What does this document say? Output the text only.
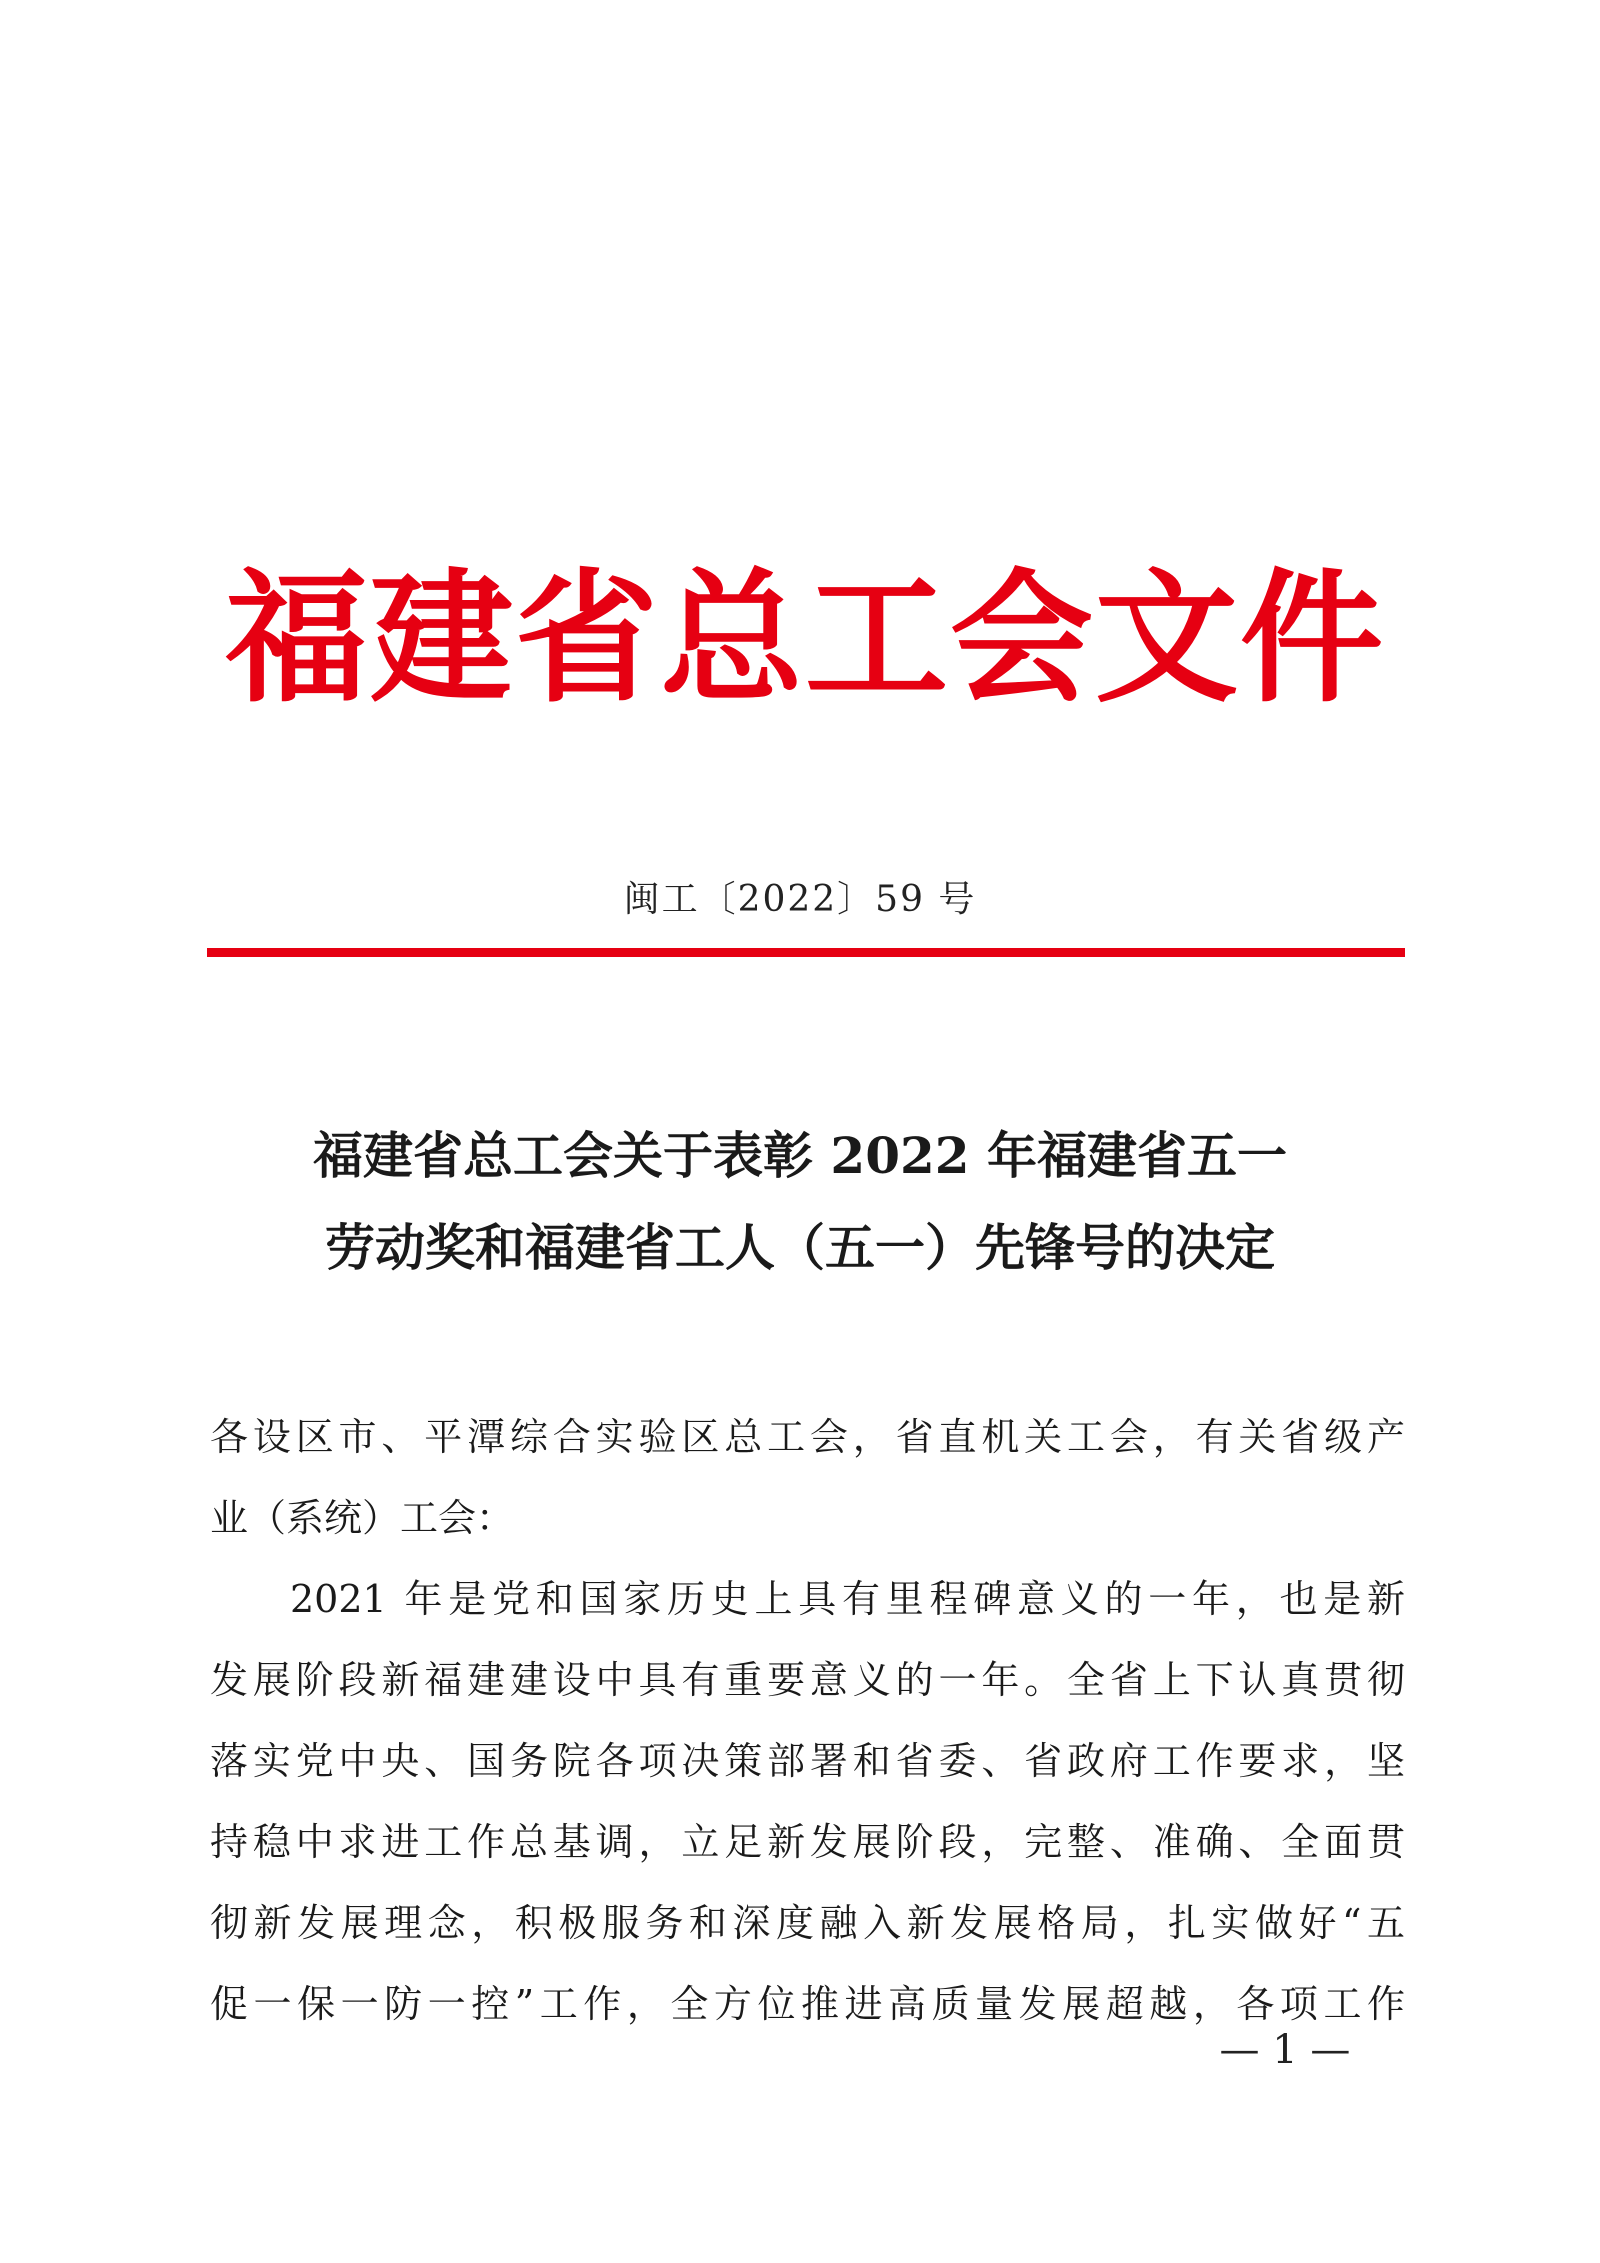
福建省总工会文件
闽工〔2022〕59 号
福建省总工会关于表彰 2022 年福建省五一
劳动奖和福建省工人（五一）先锋号的决定
各设区市、平潭综合实验区总工会，省直机关工会，有关省级产
业（系统）工会：
2021 年是党和国家历史上具有里程碑意义的一年，也是新
发展阶段新福建建设中具有重要意义的一年。全省上下认真贯彻
落实党中央、国务院各项决策部署和省委、省政府工作要求，坚
持稳中求进工作总基调，立足新发展阶段，完整、准确、全面贯
彻新发展理念，积极服务和深度融入新发展格局，扎实做好“五
促一保一防一控”工作，全方位推进高质量发展超越，各项工作
— 1 —
